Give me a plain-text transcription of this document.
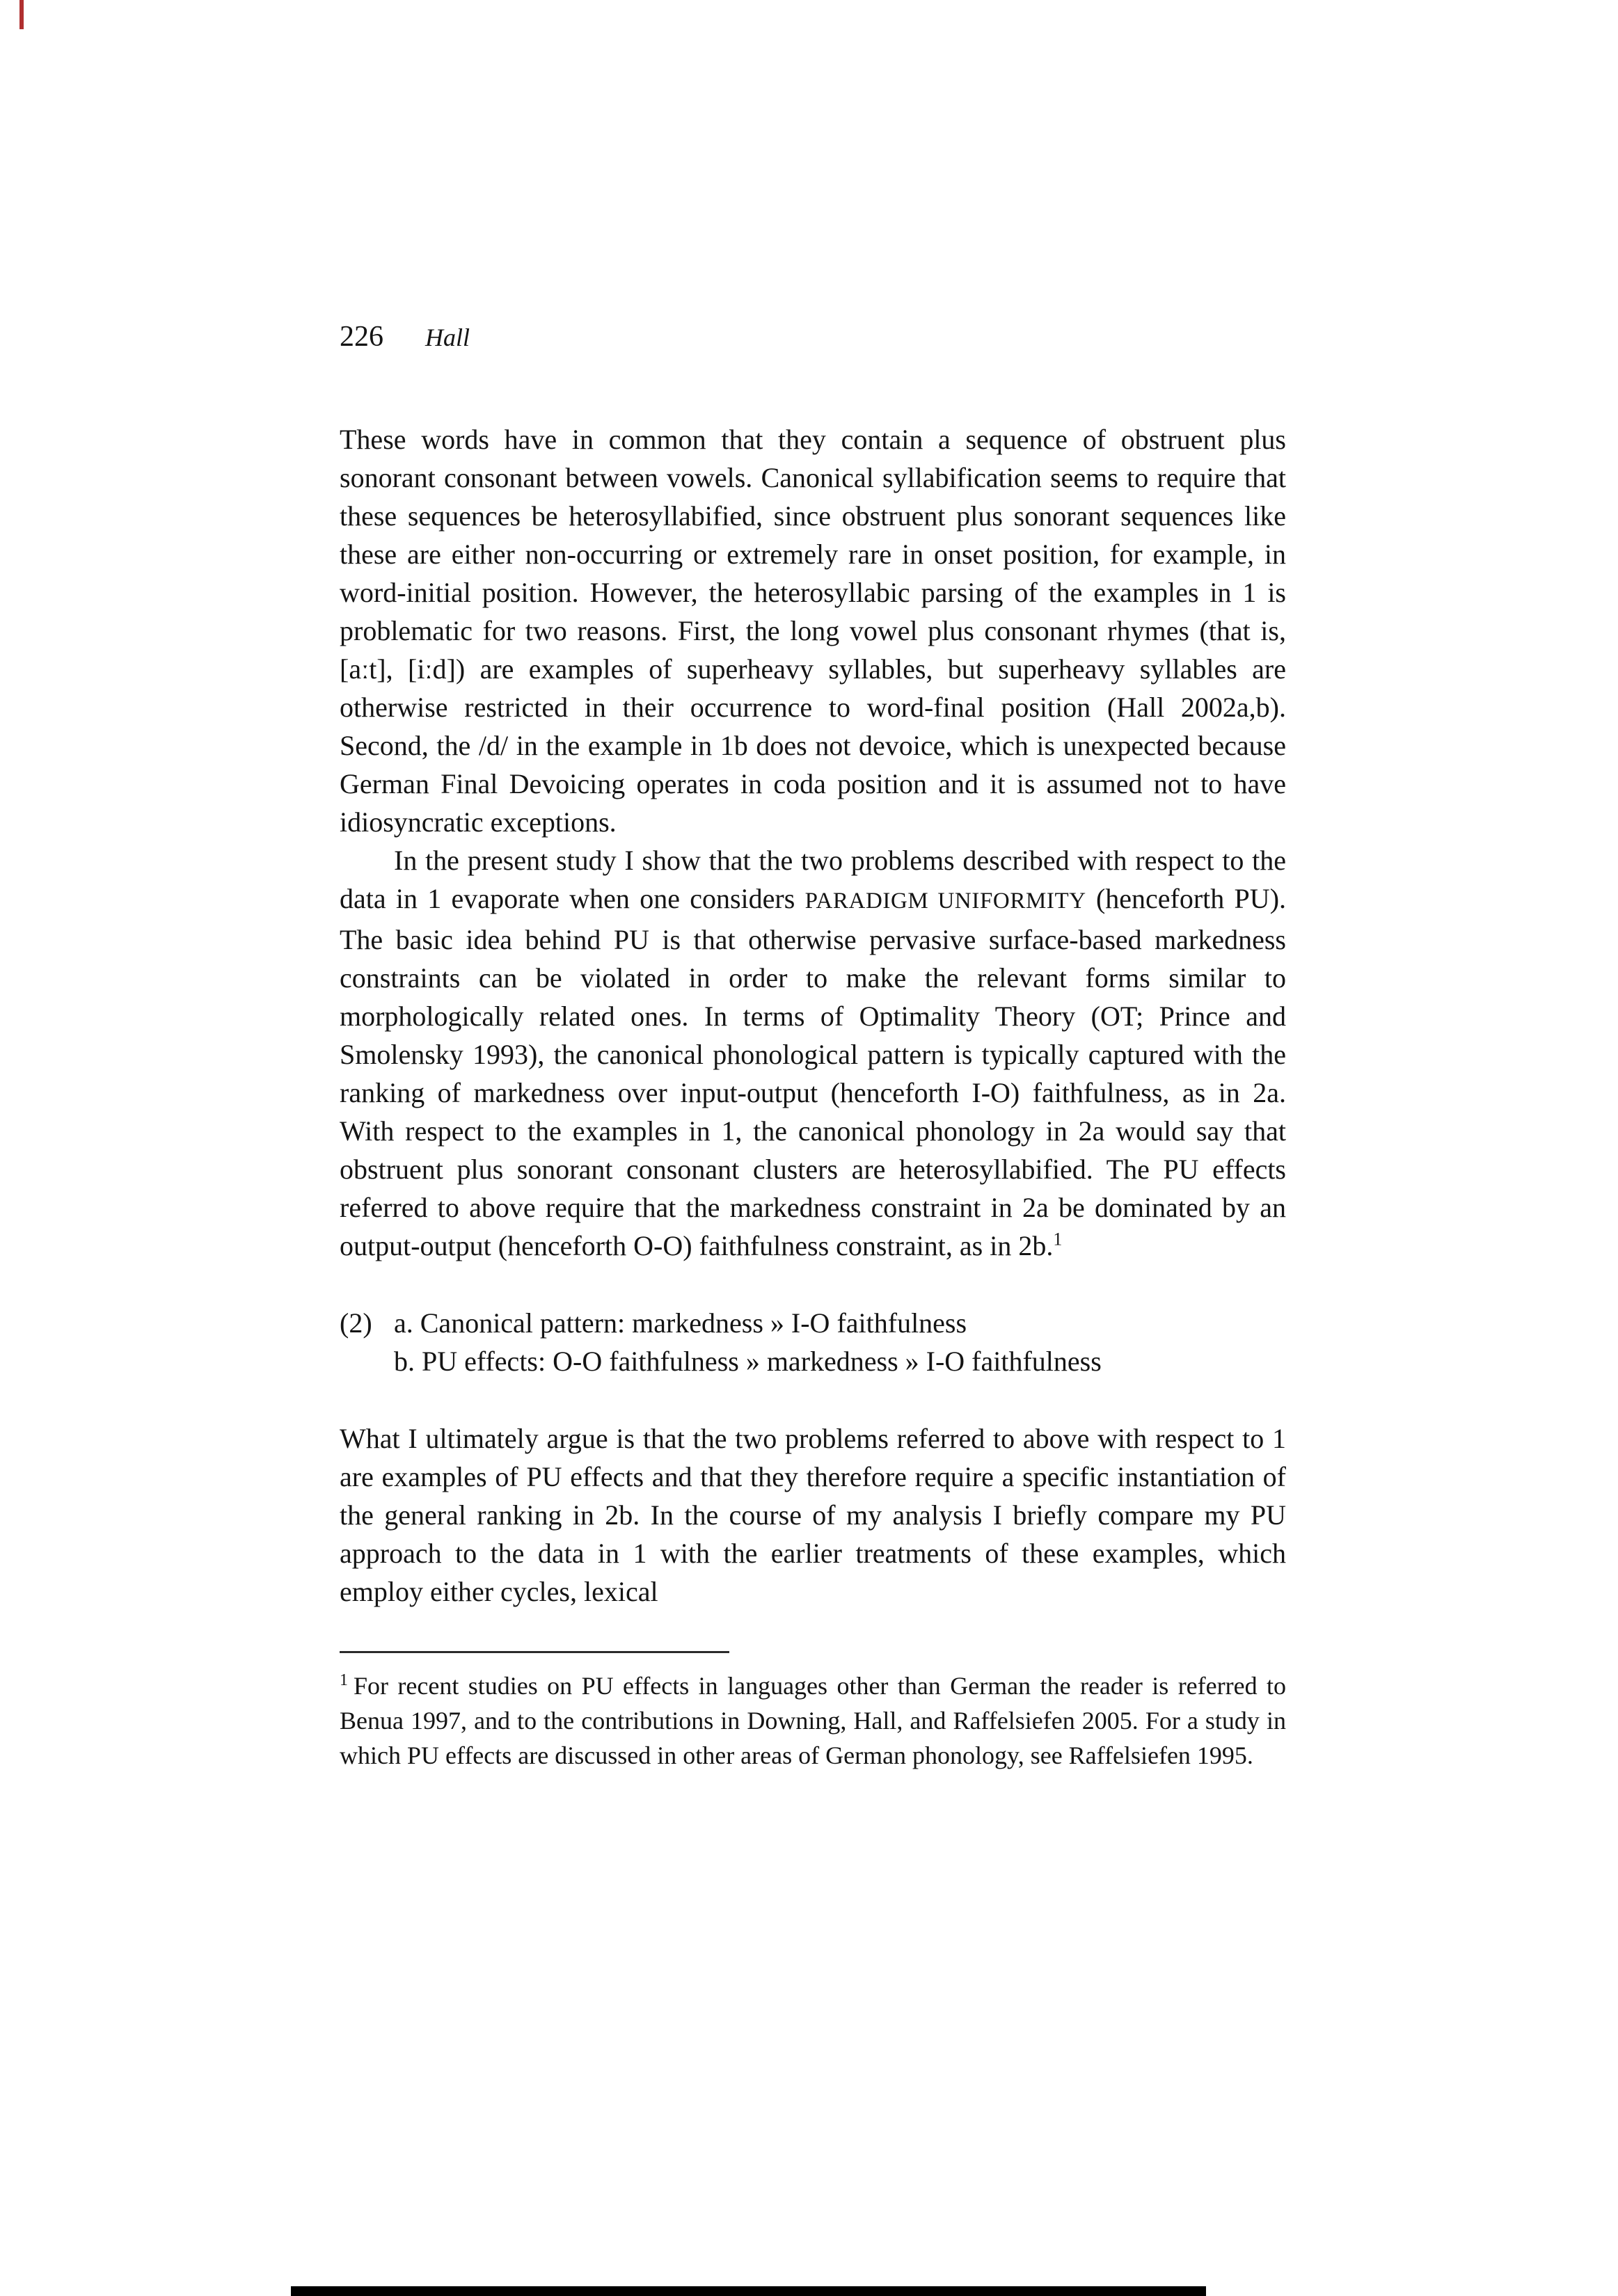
226 Hall

These words have in common that they contain a sequence of obstruent plus sonorant consonant between vowels. Canonical syllabification seems to require that these sequences be heterosyllabified, since obstruent plus sonorant sequences like these are either non-occurring or extremely rare in onset position, for example, in word-initial position. However, the heterosyllabic parsing of the examples in 1 is problematic for two reasons. First, the long vowel plus consonant rhymes (that is, [aːt], [iːd]) are examples of superheavy syllables, but superheavy syllables are otherwise restricted in their occurrence to word-final position (Hall 2002a,b). Second, the /d/ in the example in 1b does not devoice, which is unexpected because German Final Devoicing operates in coda position and it is assumed not to have idiosyncratic exceptions.

In the present study I show that the two problems described with respect to the data in 1 evaporate when one considers PARADIGM UNIFORMITY (henceforth PU). The basic idea behind PU is that otherwise pervasive surface-based markedness constraints can be violated in order to make the relevant forms similar to morphologically related ones. In terms of Optimality Theory (OT; Prince and Smolensky 1993), the canonical phonological pattern is typically captured with the ranking of markedness over input-output (henceforth I-O) faithfulness, as in 2a. With respect to the examples in 1, the canonical phonology in 2a would say that obstruent plus sonorant consonant clusters are heterosyllabified. The PU effects referred to above require that the markedness constraint in 2a be dominated by an output-output (henceforth O-O) faithfulness constraint, as in 2b.$^1$

(2) a. Canonical pattern: markedness » I-O faithfulness
b. PU effects: O-O faithfulness » markedness » I-O faithfulness

What I ultimately argue is that the two problems referred to above with respect to 1 are examples of PU effects and that they therefore require a specific instantiation of the general ranking in 2b. In the course of my analysis I briefly compare my PU approach to the data in 1 with the earlier treatments of these examples, which employ either cycles, lexical

$^1$ For recent studies on PU effects in languages other than German the reader is referred to Benua 1997, and to the contributions in Downing, Hall, and Raffelsiefen 2005. For a study in which PU effects are discussed in other areas of German phonology, see Raffelsiefen 1995.
